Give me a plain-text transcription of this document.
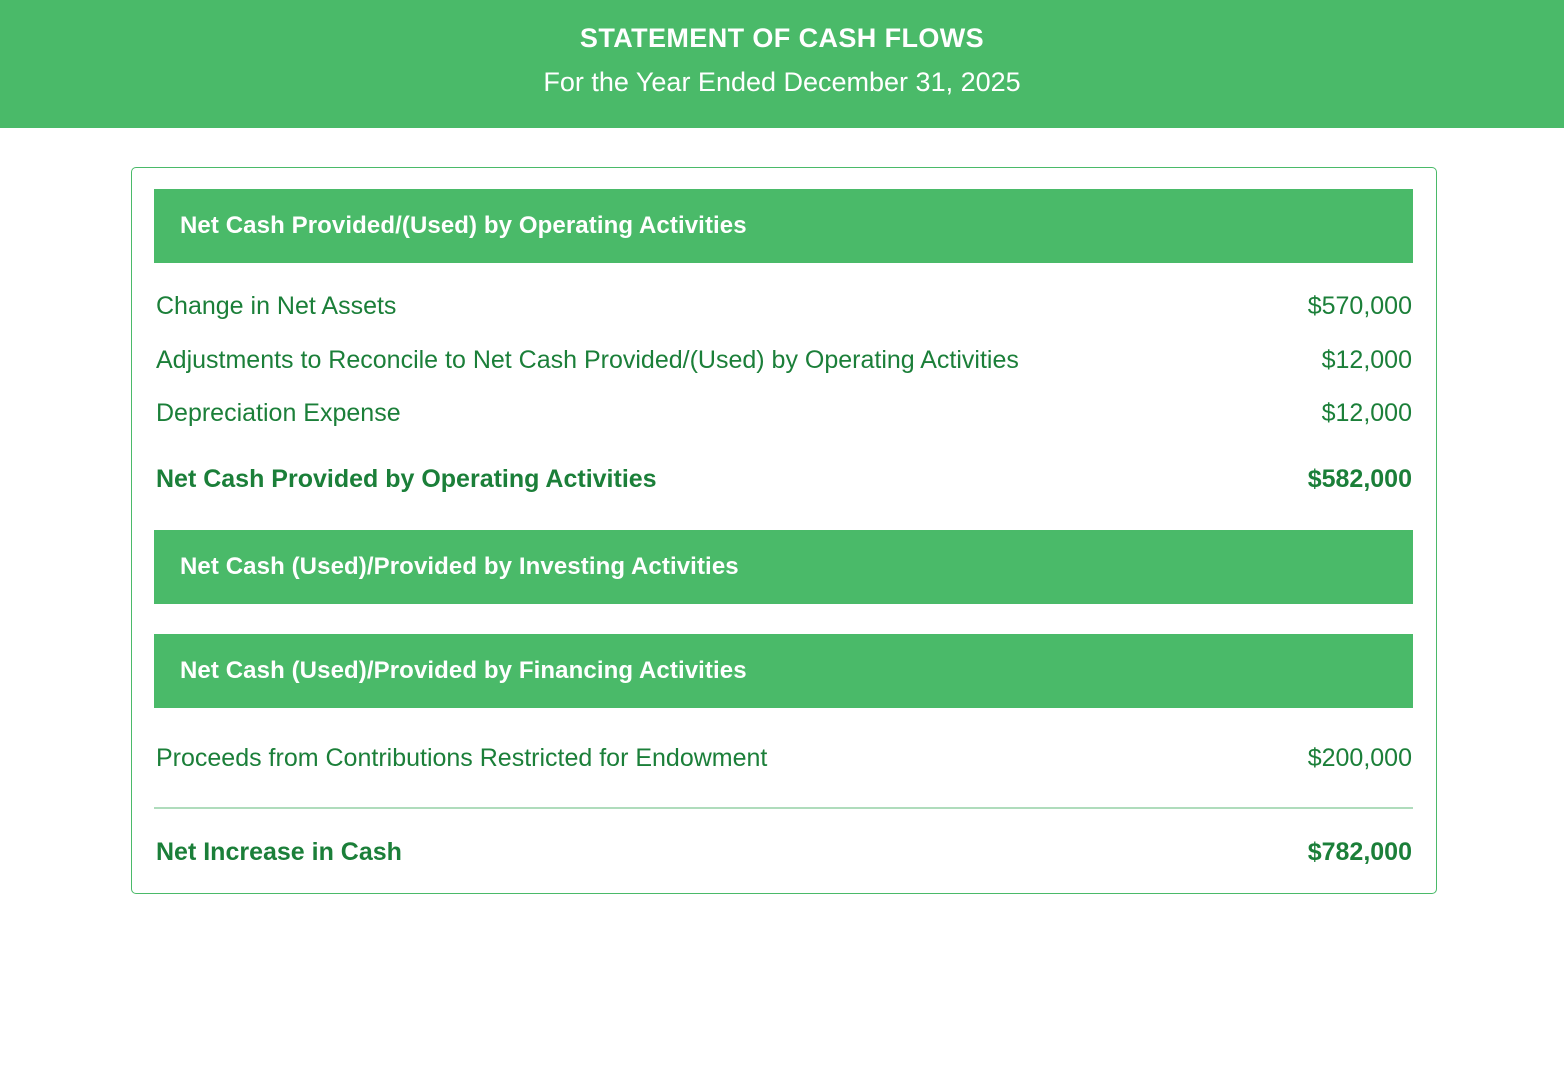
STATEMENT OF CASH FLOWS
For the Year Ended December 31, 2025
Net Cash Provided/(Used) by Operating Activities
Change in Net Assets	$570,000
Adjustments to Reconcile to Net Cash Provided/(Used) by Operating Activities	$12,000
Depreciation Expense	$12,000
Net Cash Provided by Operating Activities	$582,000
Net Cash (Used)/Provided by Investing Activities
Net Cash (Used)/Provided by Financing Activities
Proceeds from Contributions Restricted for Endowment	$200,000
Net Increase in Cash	$782,000
